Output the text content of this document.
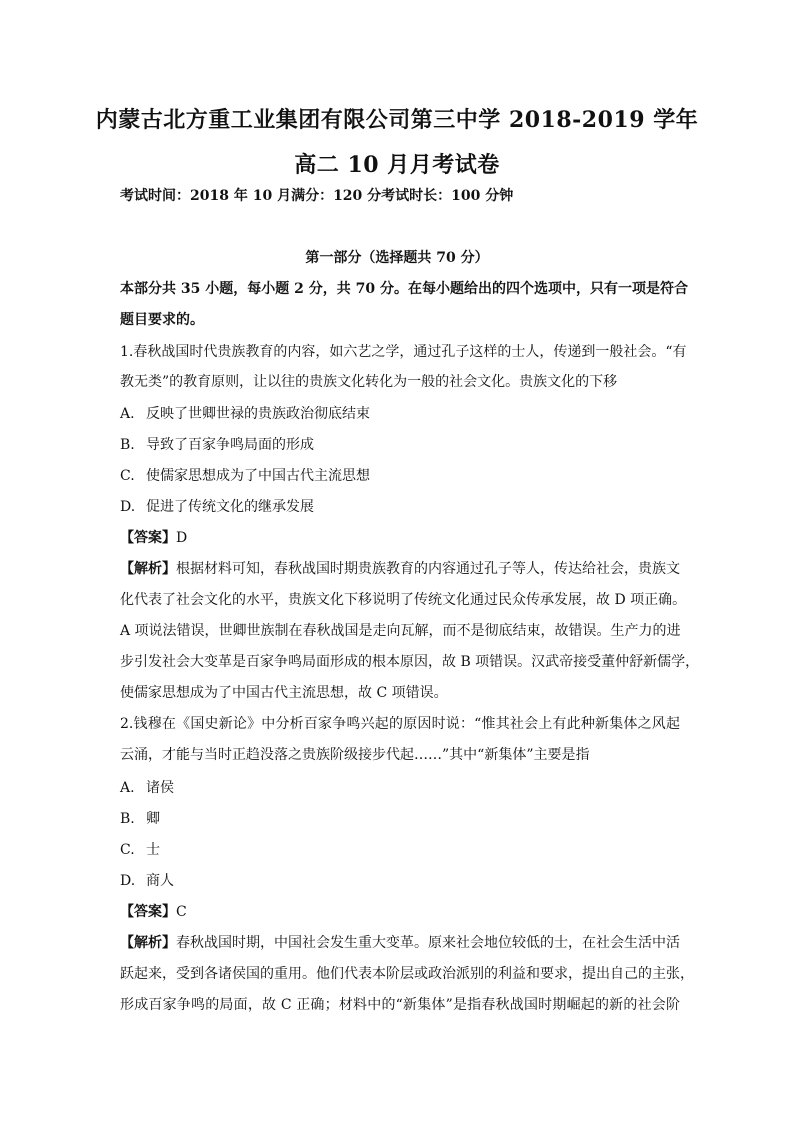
内蒙古北方重工业集团有限公司第三中学 2018-2019 学年
高二 10 月月考试卷
考试时间：2018 年 10 月满分：120 分考试时长：100 分钟
第一部分（选择题共 70 分）
本部分共 35 小题，每小题 2 分，共 70 分。在每小题给出的四个选项中，只有一项是符合
题目要求的。
1.春秋战国时代贵族教育的内容，如六艺之学，通过孔子这样的士人，传递到一般社会。“有
教无类”的教育原则，让以往的贵族文化转化为一般的社会文化。贵族文化的下移
A. 反映了世卿世禄的贵族政治彻底结束
B. 导致了百家争鸣局面的形成
C. 使儒家思想成为了中国古代主流思想
D. 促进了传统文化的继承发展
【答案】D
【解析】根据材料可知，春秋战国时期贵族教育的内容通过孔子等人，传达给社会，贵族文
化代表了社会文化的水平，贵族文化下移说明了传统文化通过民众传承发展，故 D 项正确。
A 项说法错误，世卿世族制在春秋战国是走向瓦解，而不是彻底结束，故错误。生产力的进
步引发社会大变革是百家争鸣局面形成的根本原因，故 B 项错误。汉武帝接受董仲舒新儒学，
使儒家思想成为了中国古代主流思想，故 C 项错误。
2.钱穆在《国史新论》中分析百家争鸣兴起的原因时说：“惟其社会上有此种新集体之风起
云涌，才能与当时正趋没落之贵族阶级接步代起……”其中“新集体”主要是指
A. 诸侯
B. 卿
C. 士
D. 商人
【答案】C
【解析】春秋战国时期，中国社会发生重大变革。原来社会地位较低的士，在社会生活中活
跃起来，受到各诸侯国的重用。他们代表本阶层或政治派别的利益和要求，提出自己的主张，
形成百家争鸣的局面，故 C 正确；材料中的“新集体”是指春秋战国时期崛起的新的社会阶
